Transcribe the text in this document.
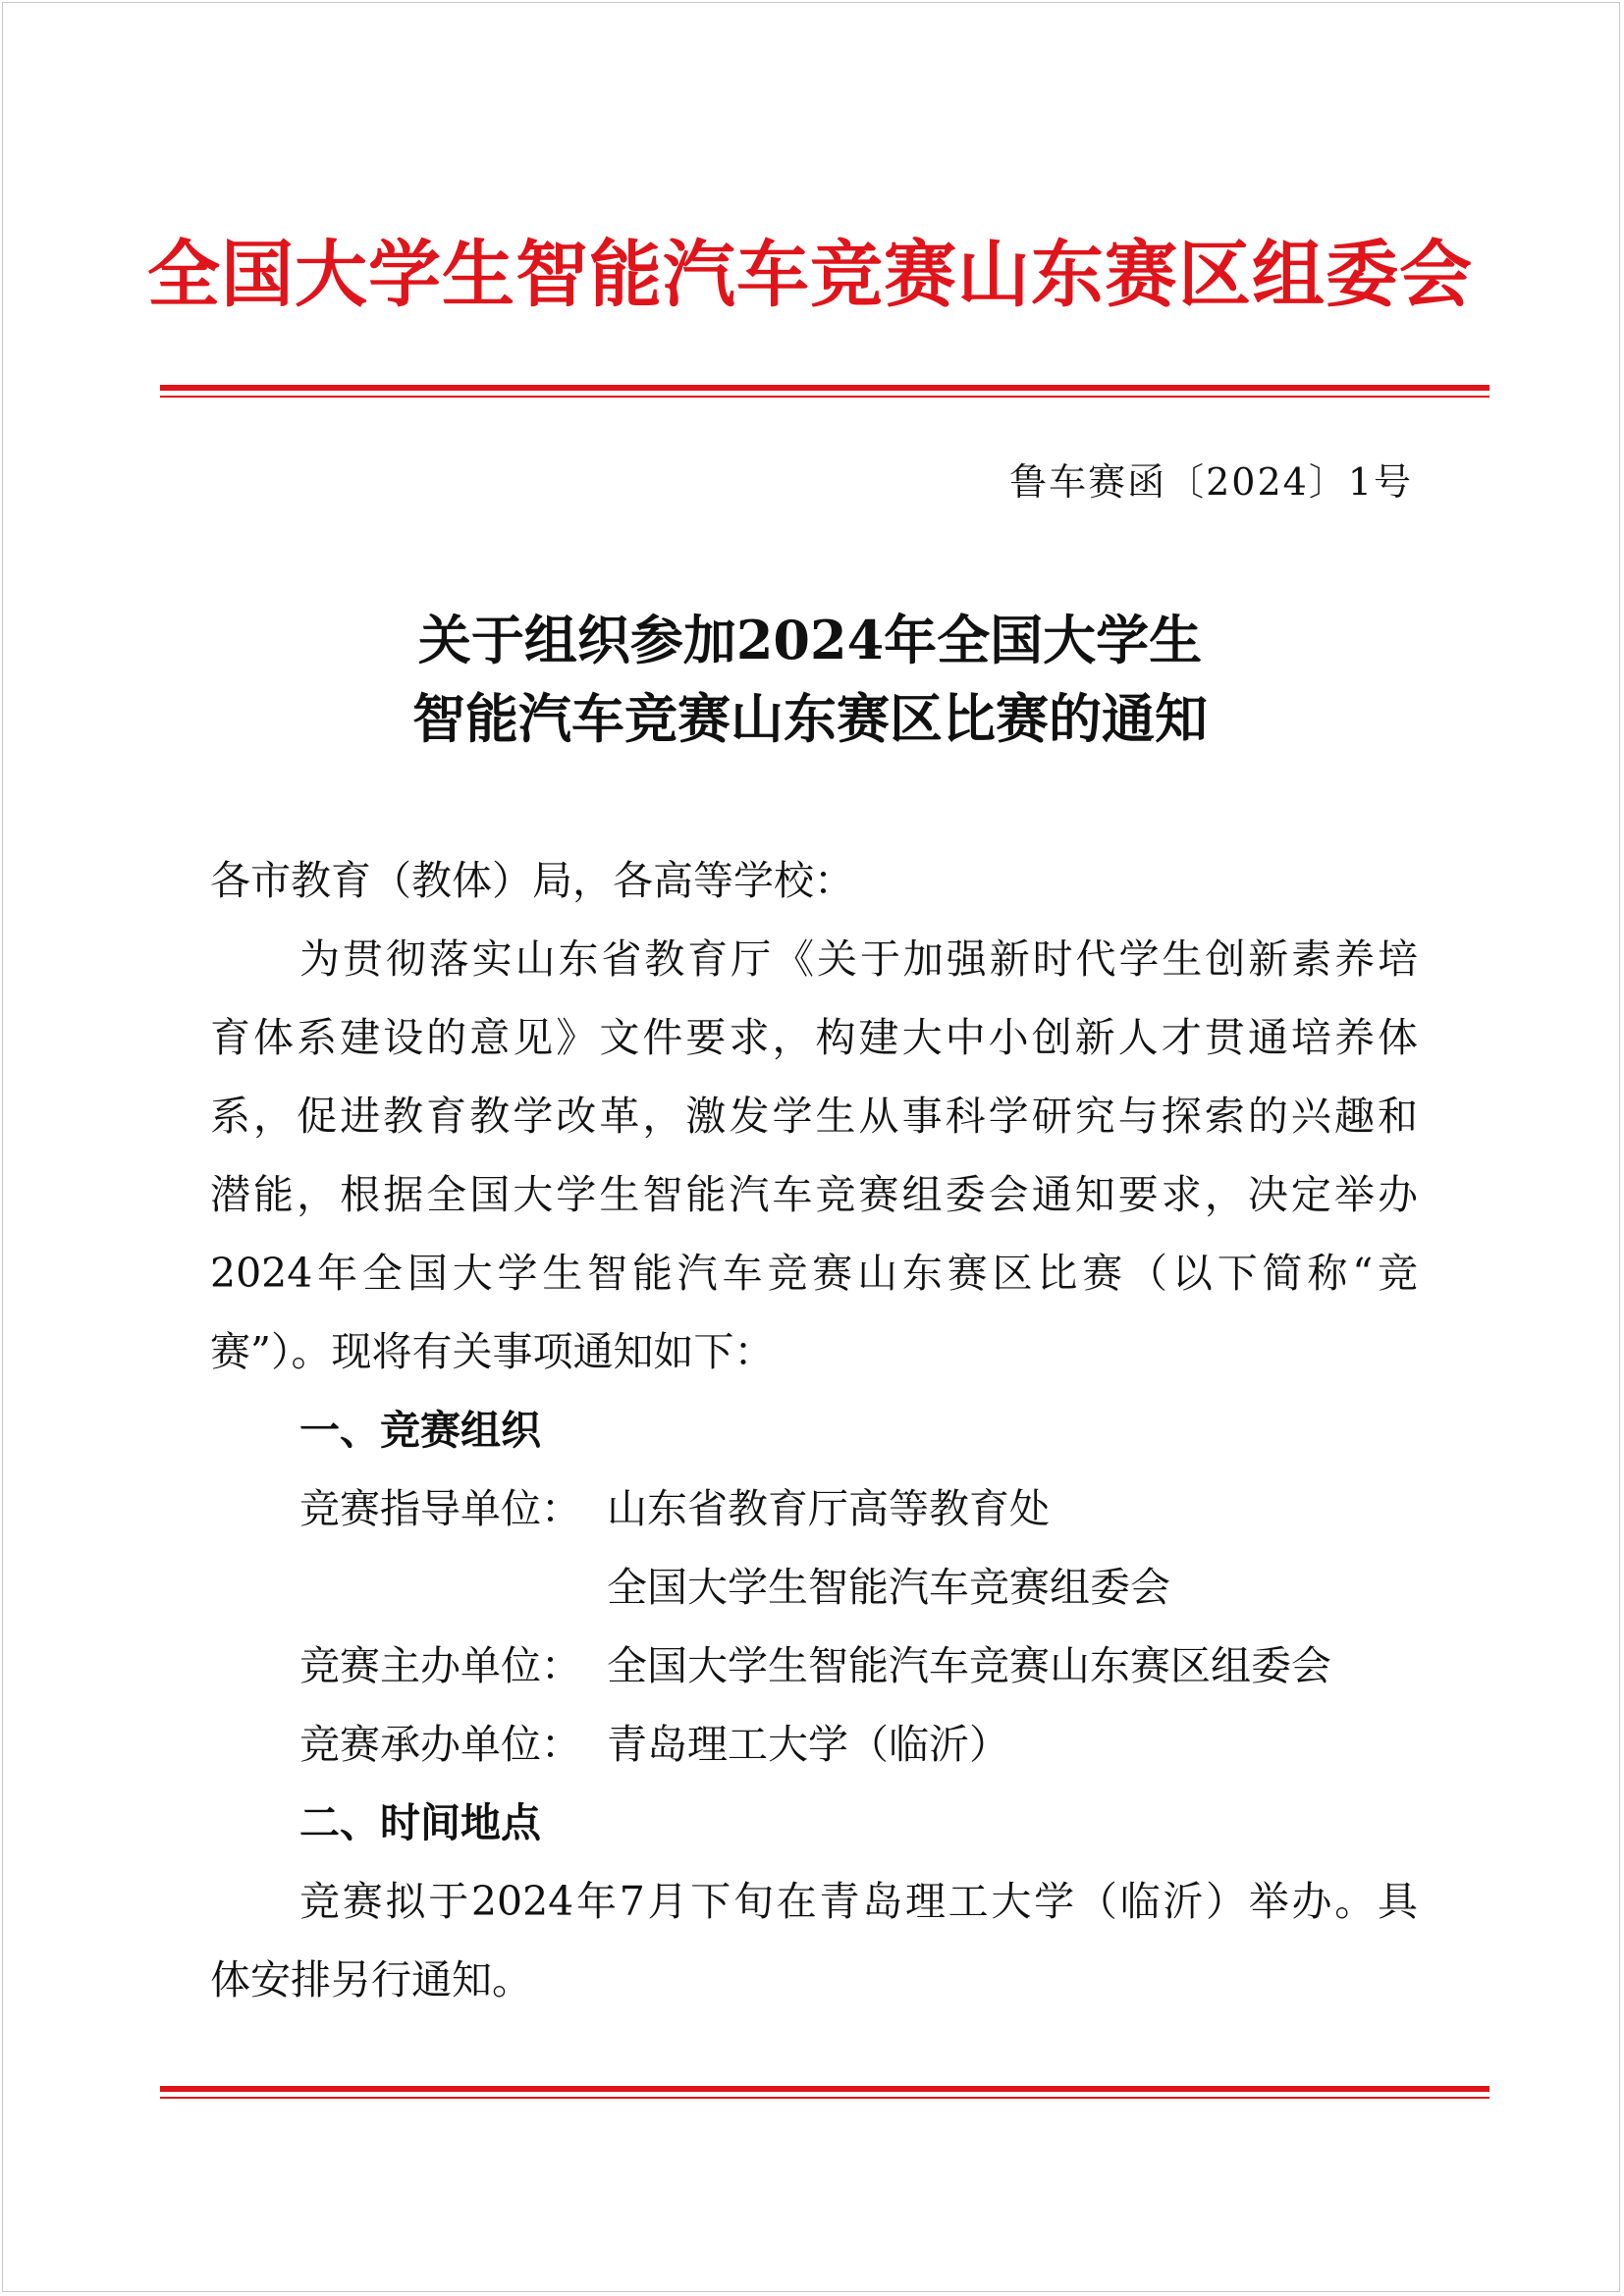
全国大学生智能汽车竞赛山东赛区组委会
鲁车赛函〔2024〕1号
关于组织参加2024年全国大学生
智能汽车竞赛山东赛区比赛的通知
各市教育（教体）局，各高等学校：
为贯彻落实山东省教育厅《关于加强新时代学生创新素养培
育体系建设的意见》文件要求，构建大中小创新人才贯通培养体
系，促进教育教学改革，激发学生从事科学研究与探索的兴趣和
潜能，根据全国大学生智能汽车竞赛组委会通知要求，决定举办
2024年全国大学生智能汽车竞赛山东赛区比赛（以下简称“竞
赛”）。现将有关事项通知如下：
一、竞赛组织
竞赛指导单位： 山东省教育厅高等教育处
全国大学生智能汽车竞赛组委会
竞赛主办单位： 全国大学生智能汽车竞赛山东赛区组委会
竞赛承办单位： 青岛理工大学（临沂）
二、时间地点
竞赛拟于2024年7月下旬在青岛理工大学（临沂）举办。具
体安排另行通知。
